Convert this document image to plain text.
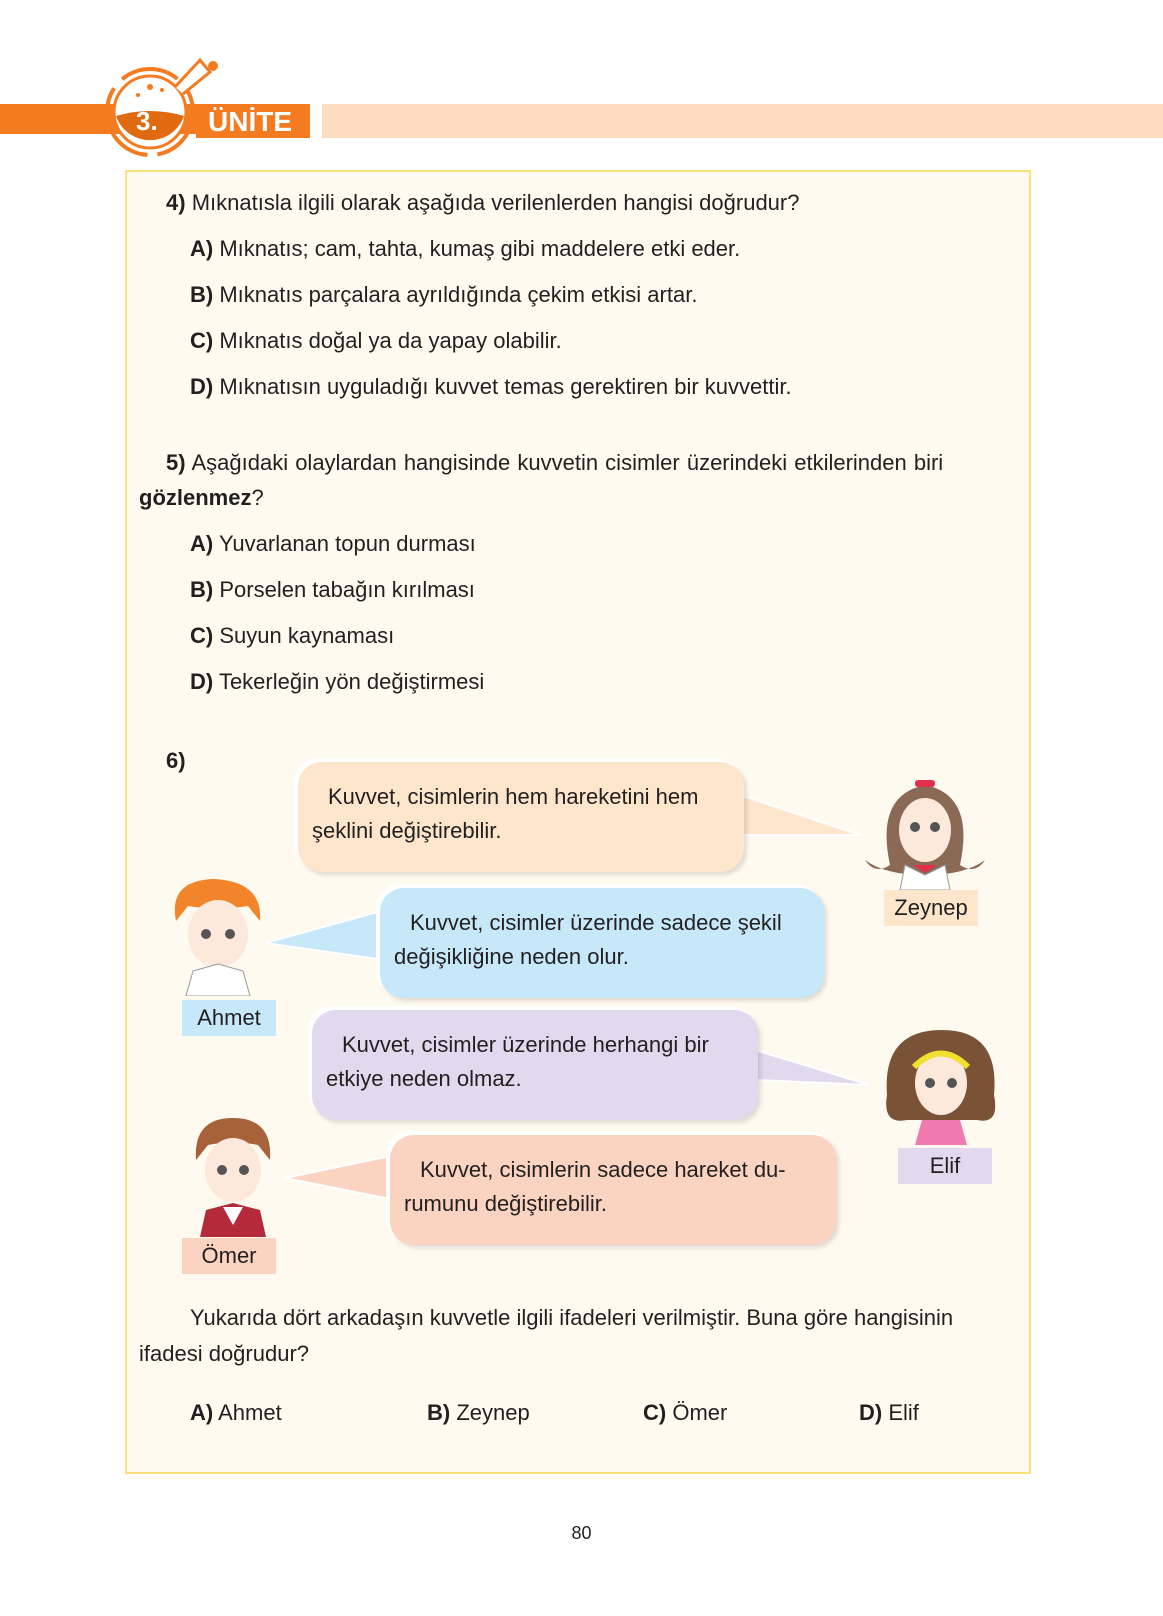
3.	ÜNİTE
4) Mıknatısla ilgili olarak aşağıda verilenlerden hangisi doğrudur?
A) Mıknatıs; cam, tahta, kumaş gibi maddelere etki eder.
B) Mıknatıs parçalara ayrıldığında çekim etkisi artar.
C) Mıknatıs doğal ya da yapay olabilir.
D) Mıknatısın uyguladığı kuvvet temas gerektiren bir kuvvettir.
5) Aşağıdaki olaylardan hangisinde kuvvetin cisimler üzerindeki etkilerinden biri
gözlenmez?
A) Yuvarlanan topun durması
B) Porselen tabağın kırılması
C) Suyun kaynaması
D) Tekerleğin yön değiştirmesi
6)
Kuvvet, cisimlerin hem hareketini hem
şeklini değiştirebilir.
Kuvvet, cisimler üzerinde sadece şekil
değişikliğine neden olur.
Kuvvet, cisimler üzerinde herhangi bir
etkiye neden olmaz.
Kuvvet, cisimlerin sadece hareket du-
rumunu değiştirebilir.
Zeynep
Ahmet
Elif
Ömer
Yukarıda dört arkadaşın kuvvetle ilgili ifadeleri verilmiştir. Buna göre hangisinin
ifadesi doğrudur?
A) Ahmet	B) Zeynep	C) Ömer	D) Elif
80
